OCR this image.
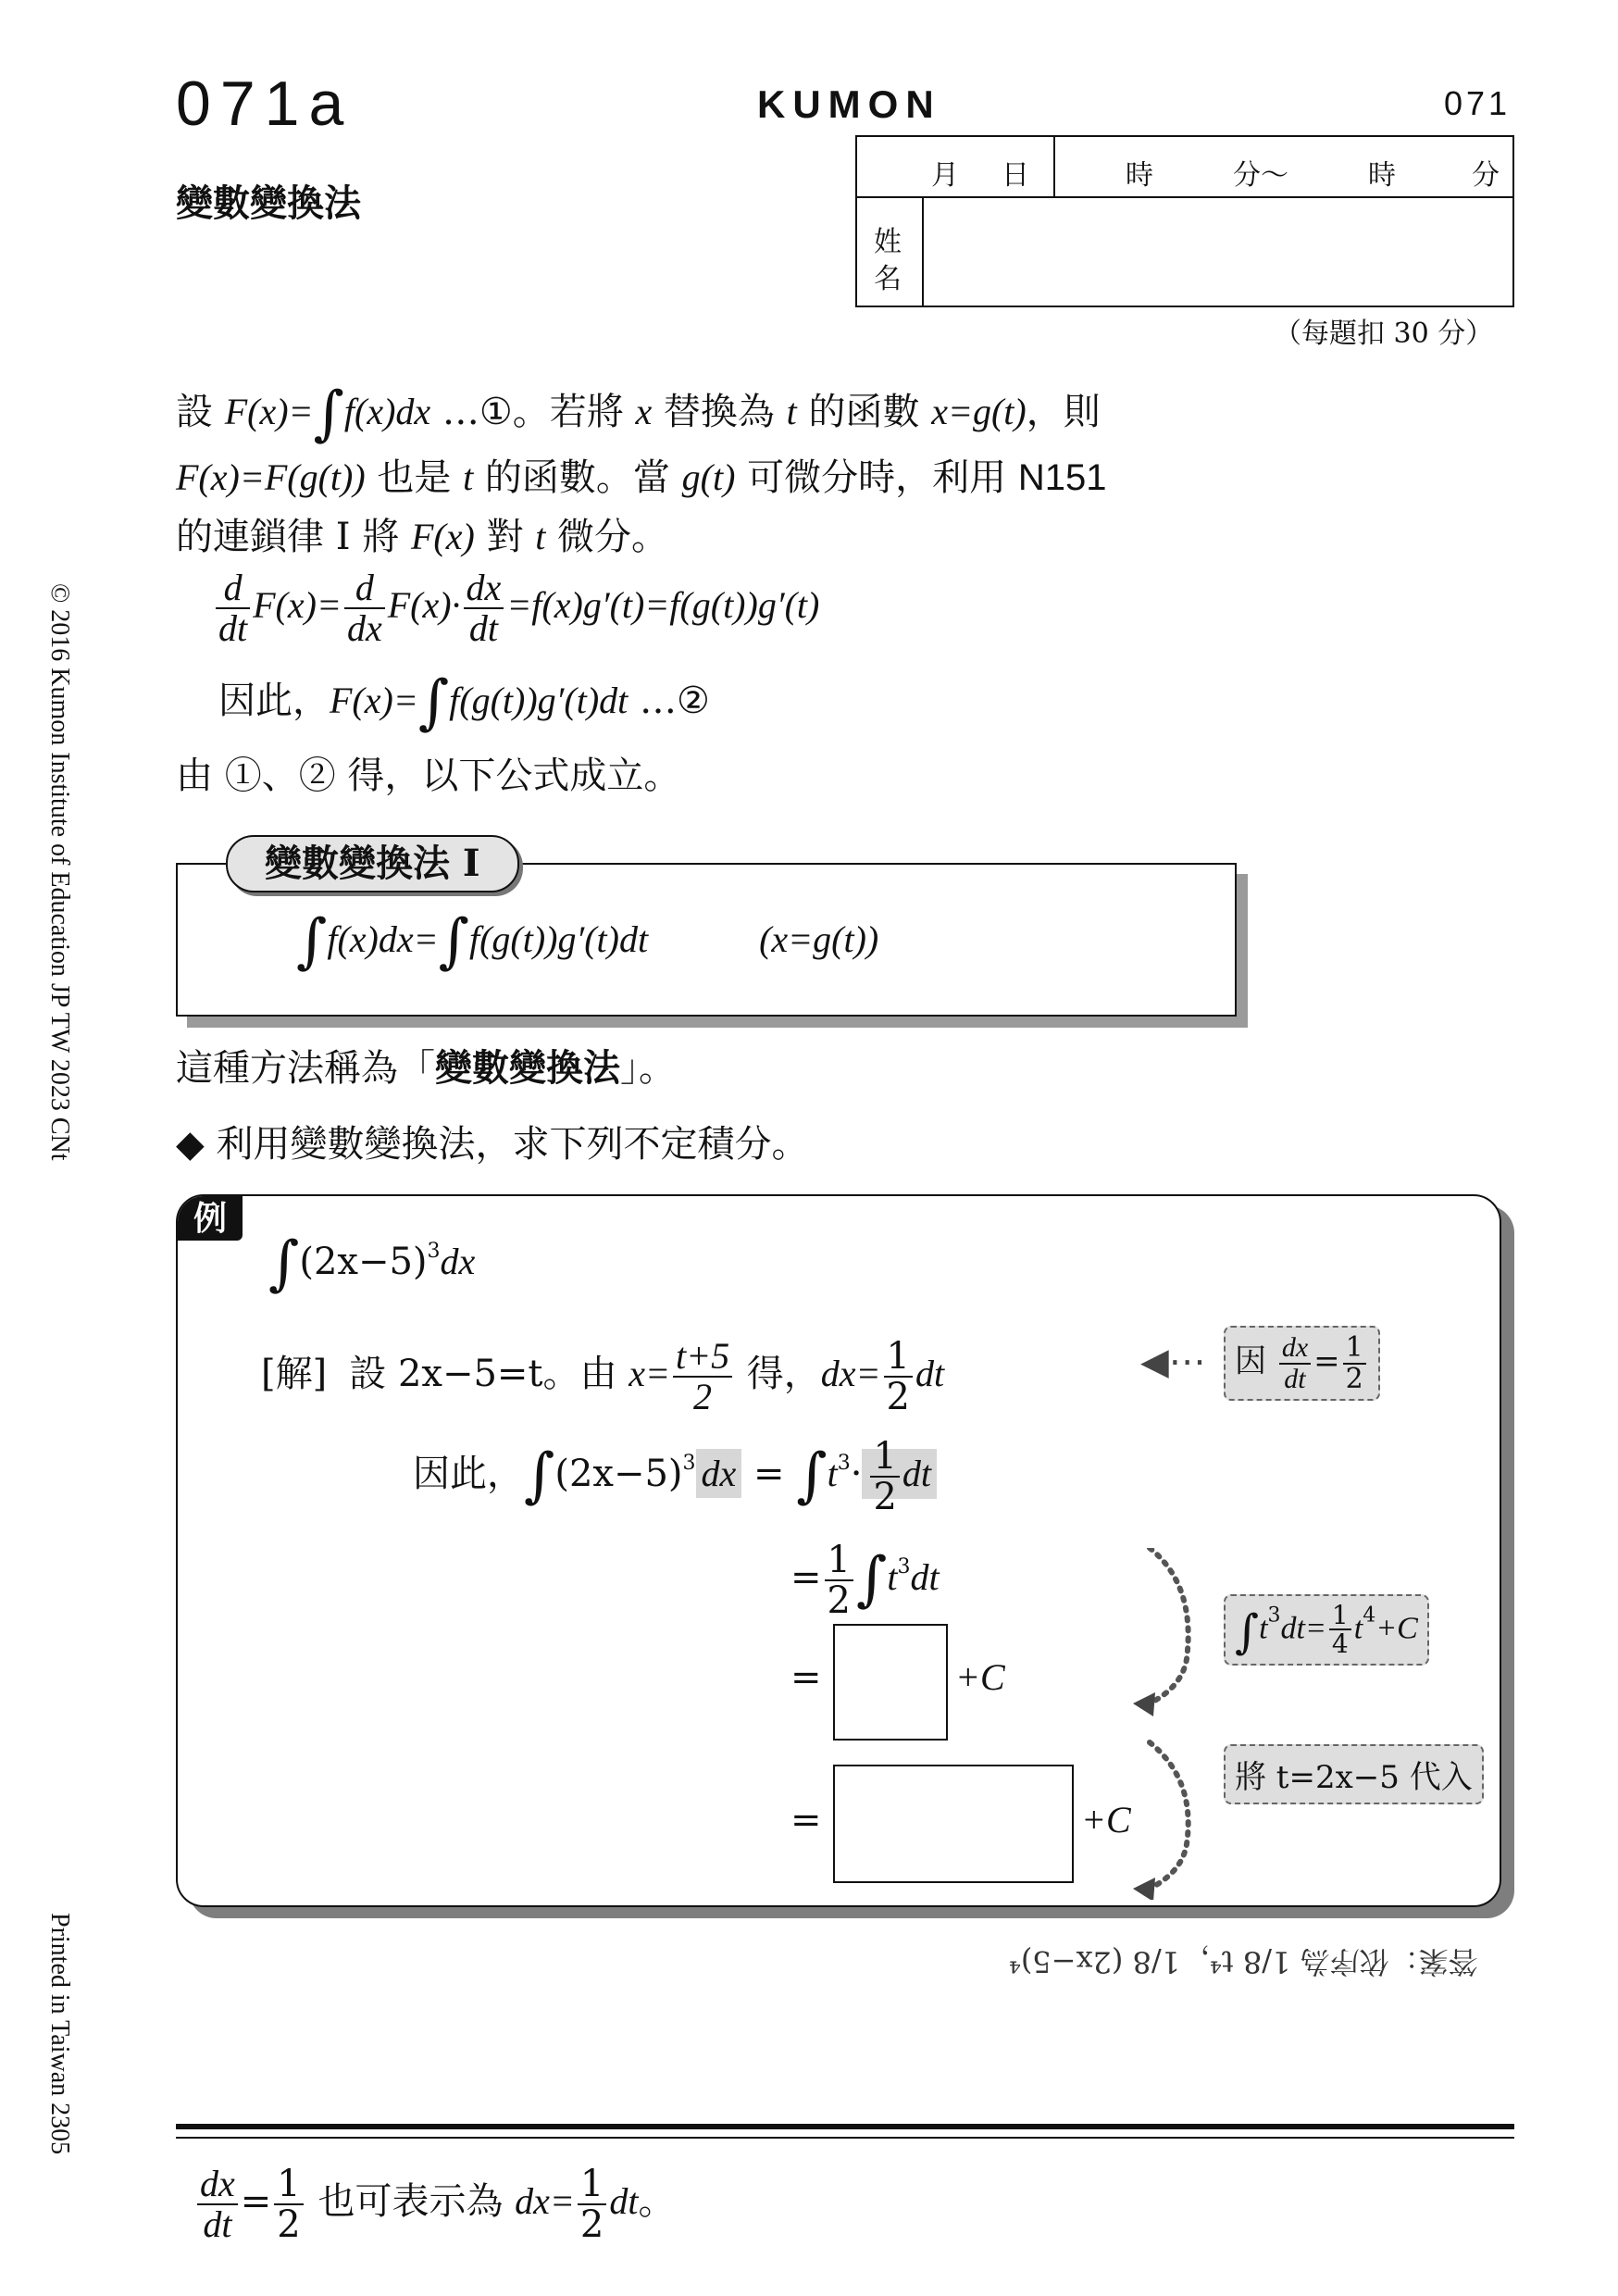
071a	KUMON	071
變數變換法
月 日	時	分〜	時	分
姓
名
（每題扣 30 分）
© 2016 Kumon Institute of Education JP TW 2023 CNt
Printed in Taiwan 2305
設 F(x)=∫f(x)dx …①。若將 x 替換為 t 的函數 x=g(t)，則
F(x)=F(g(t)) 也是 t 的函數。當 g(t) 可微分時，利用 N151
的連鎖律 I 將 F(x) 對 t 微分。
$\frac{d}{dt} F(x)= \frac{d}{dx} F(x)\cdot \frac{dx}{dt} =f(x)g'(t)=f(g(t))g'(t)$
因此，F(x)=∫f(g(t))g′(t)dt …②
由 ①、② 得，以下公式成立。
∫f(x)dx=∫f(g(t))g′(t)dt	(x=g(t))
變數變換法 I
這種方法稱為「變數變換法」。
◆ 利用變數變換法，求下列不定積分。
例
$\int(2x-5)^3dx$
[解] 設 2x−5=t。由 $x= \frac{t+5}{2}$ 得，$dx= \frac{1}{2}$ dt	◀⋯ 因 $\frac{dx}{dt} = \frac{1}{2}$
因此，$\int(2x-5)^3$ dx = $\int t^3\cdot \frac{1}{2}$ dt
= $\frac{1}{2} \int t^3dt$
=	+C
=	+C
$\int t^3dt= \frac{1}{4} t^4+C$
將 t=2x−5 代入
答案：依序為 1/8 t⁴，1/8 (2x−5)⁴
$\frac{dx}{dt} = \frac{1}{2}$ 也可表示為 $dx= \frac{1}{2}$ dt。
